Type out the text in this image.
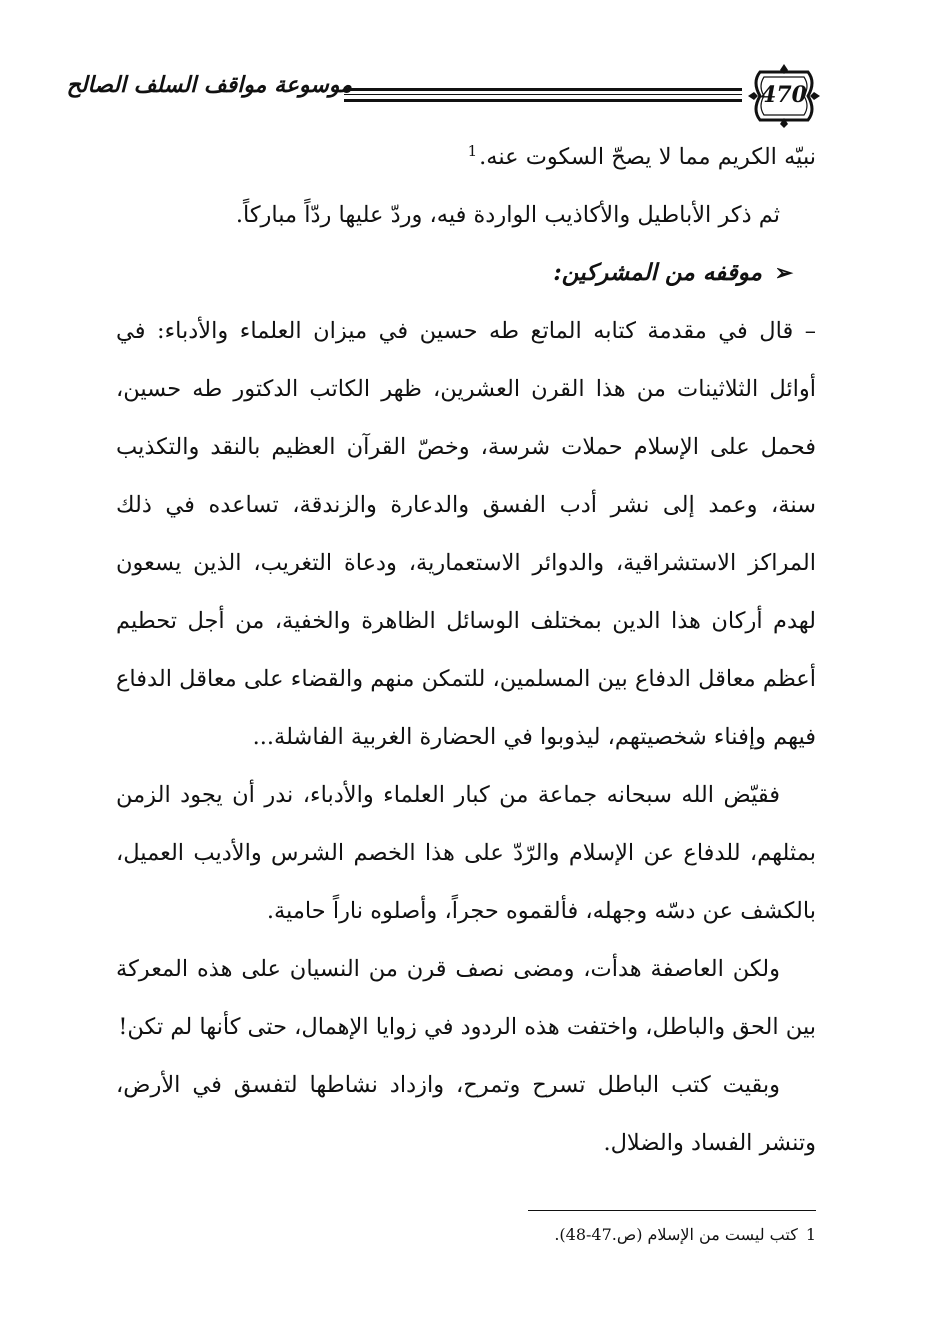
موسوعة مواقف السلف الصالح	470

نبيّه الكريم مما لا يصحّ السكوت عنه.$^1$

ثم ذكر الأباطيل والأكاذيب الواردة فيه، وردّ عليها ردّاً مباركاً.

➢
موقفه من المشركين:

– قال في مقدمة كتابه الماتع طه حسين في ميزان العلماء والأدباء: في أوائل الثلاثينات من هذا القرن العشرين، ظهر الكاتب الدكتور طه حسين، فحمل على الإسلام حملات شرسة، وخصّ القرآن العظيم بالنقد والتكذيب سنة، وعمد إلى نشر أدب الفسق والدعارة والزندقة، تساعده في ذلك المراكز الاستشراقية، والدوائر الاستعمارية، ودعاة التغريب، الذين يسعون لهدم أركان هذا الدين بمختلف الوسائل الظاهرة والخفية، من أجل تحطيم أعظم معاقل الدفاع بين المسلمين، للتمكن منهم والقضاء على معاقل الدفاع فيهم وإفناء شخصيتهم، ليذوبوا في الحضارة الغربية الفاشلة...

فقيّض الله سبحانه جماعة من كبار العلماء والأدباء، ندر أن يجود الزمن بمثلهم، للدفاع عن الإسلام والرّدّ على هذا الخصم الشرس والأديب العميل، بالكشف عن دسّه وجهله، فألقموه حجراً، وأصلوه ناراً حامية.

ولكن العاصفة هدأت، ومضى نصف قرن من النسيان على هذه المعركة بين الحق والباطل، واختفت هذه الردود في زوايا الإهمال، حتى كأنها لم تكن!

وبقيت كتب الباطل تسرح وتمرح، وازداد نشاطها لتفسق في الأرض، وتنشر الفساد والضلال.

1كتب ليست من الإسلام (ص.47-48).
